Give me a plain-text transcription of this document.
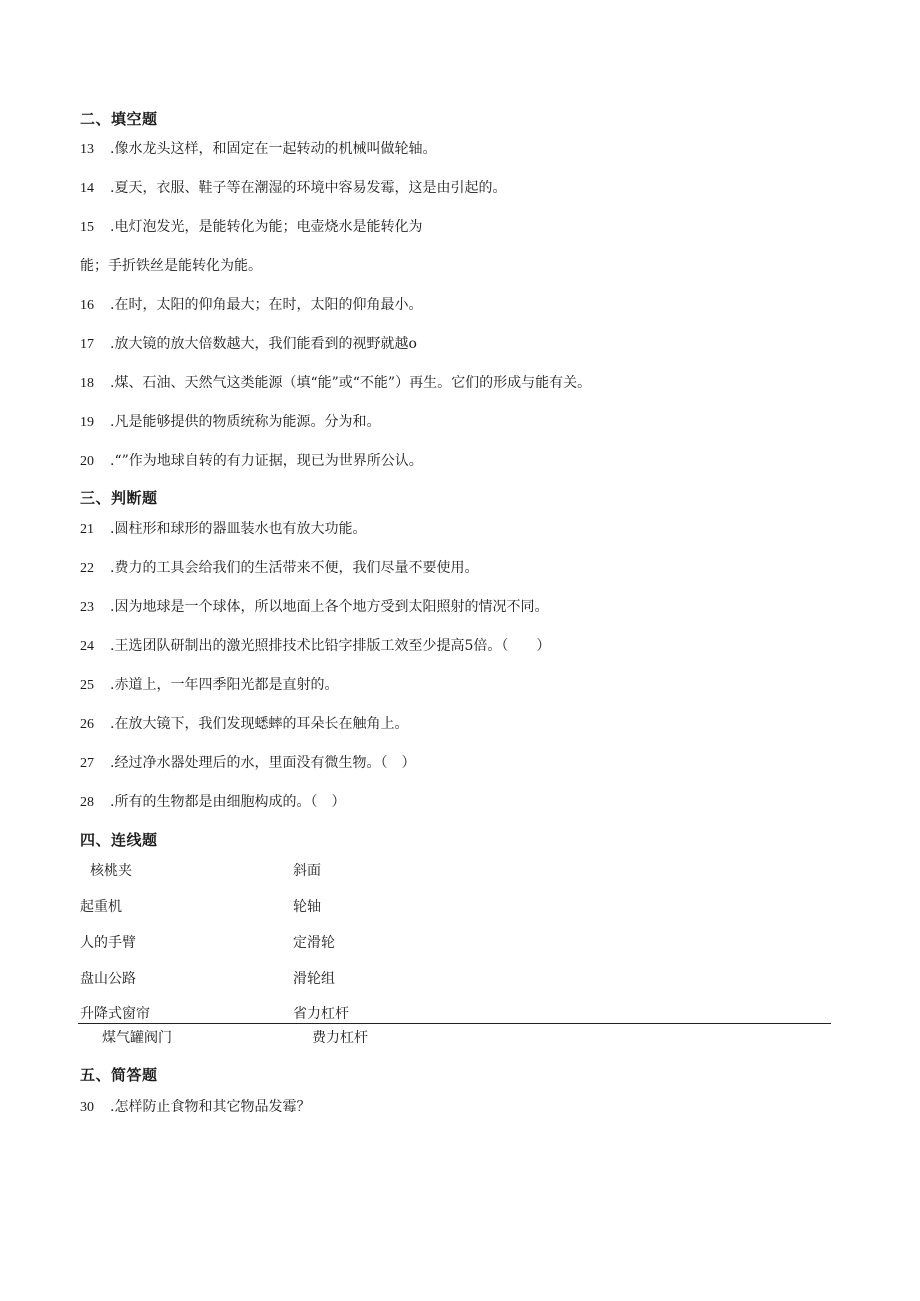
二、填空题
13 .像水龙头这样，和固定在一起转动的机械叫做轮轴。
14 .夏天，衣服、鞋子等在潮湿的环境中容易发霉，这是由引起的。
15 .电灯泡发光，是能转化为能；电壶烧水是能转化为
能；手折铁丝是能转化为能。
16 .在时，太阳的仰角最大；在时，太阳的仰角最小。
17 .放大镜的放大倍数越大，我们能看到的视野就越o
18 .煤、石油、天然气这类能源（填“能”或“不能”）再生。它们的形成与能有关。
19 .凡是能够提供的物质统称为能源。分为和。
20 .“”作为地球自转的有力证据，现已为世界所公认。
三、判断题
21 .圆柱形和球形的器皿装水也有放大功能。
22 .费力的工具会给我们的生活带来不便，我们尽量不要使用。
23 .因为地球是一个球体，所以地面上各个地方受到太阳照射的情况不同。
24 .王选团队研制出的激光照排技术比铅字排版工效至少提高5倍。（　　）
25 .赤道上，一年四季阳光都是直射的。
26 .在放大镜下，我们发现蟋蟀的耳朵长在触角上。
27 .经过净水器处理后的水，里面没有微生物。（　）
28 .所有的生物都是由细胞构成的。（　）
四、连线题
核桃夹	斜面
起重机	轮轴
人的手臂	定滑轮
盘山公路	滑轮组
升降式窗帘	省力杠杆
煤气罐阀门	费力杠杆
五、简答题
30 .怎样防止食物和其它物品发霉？
